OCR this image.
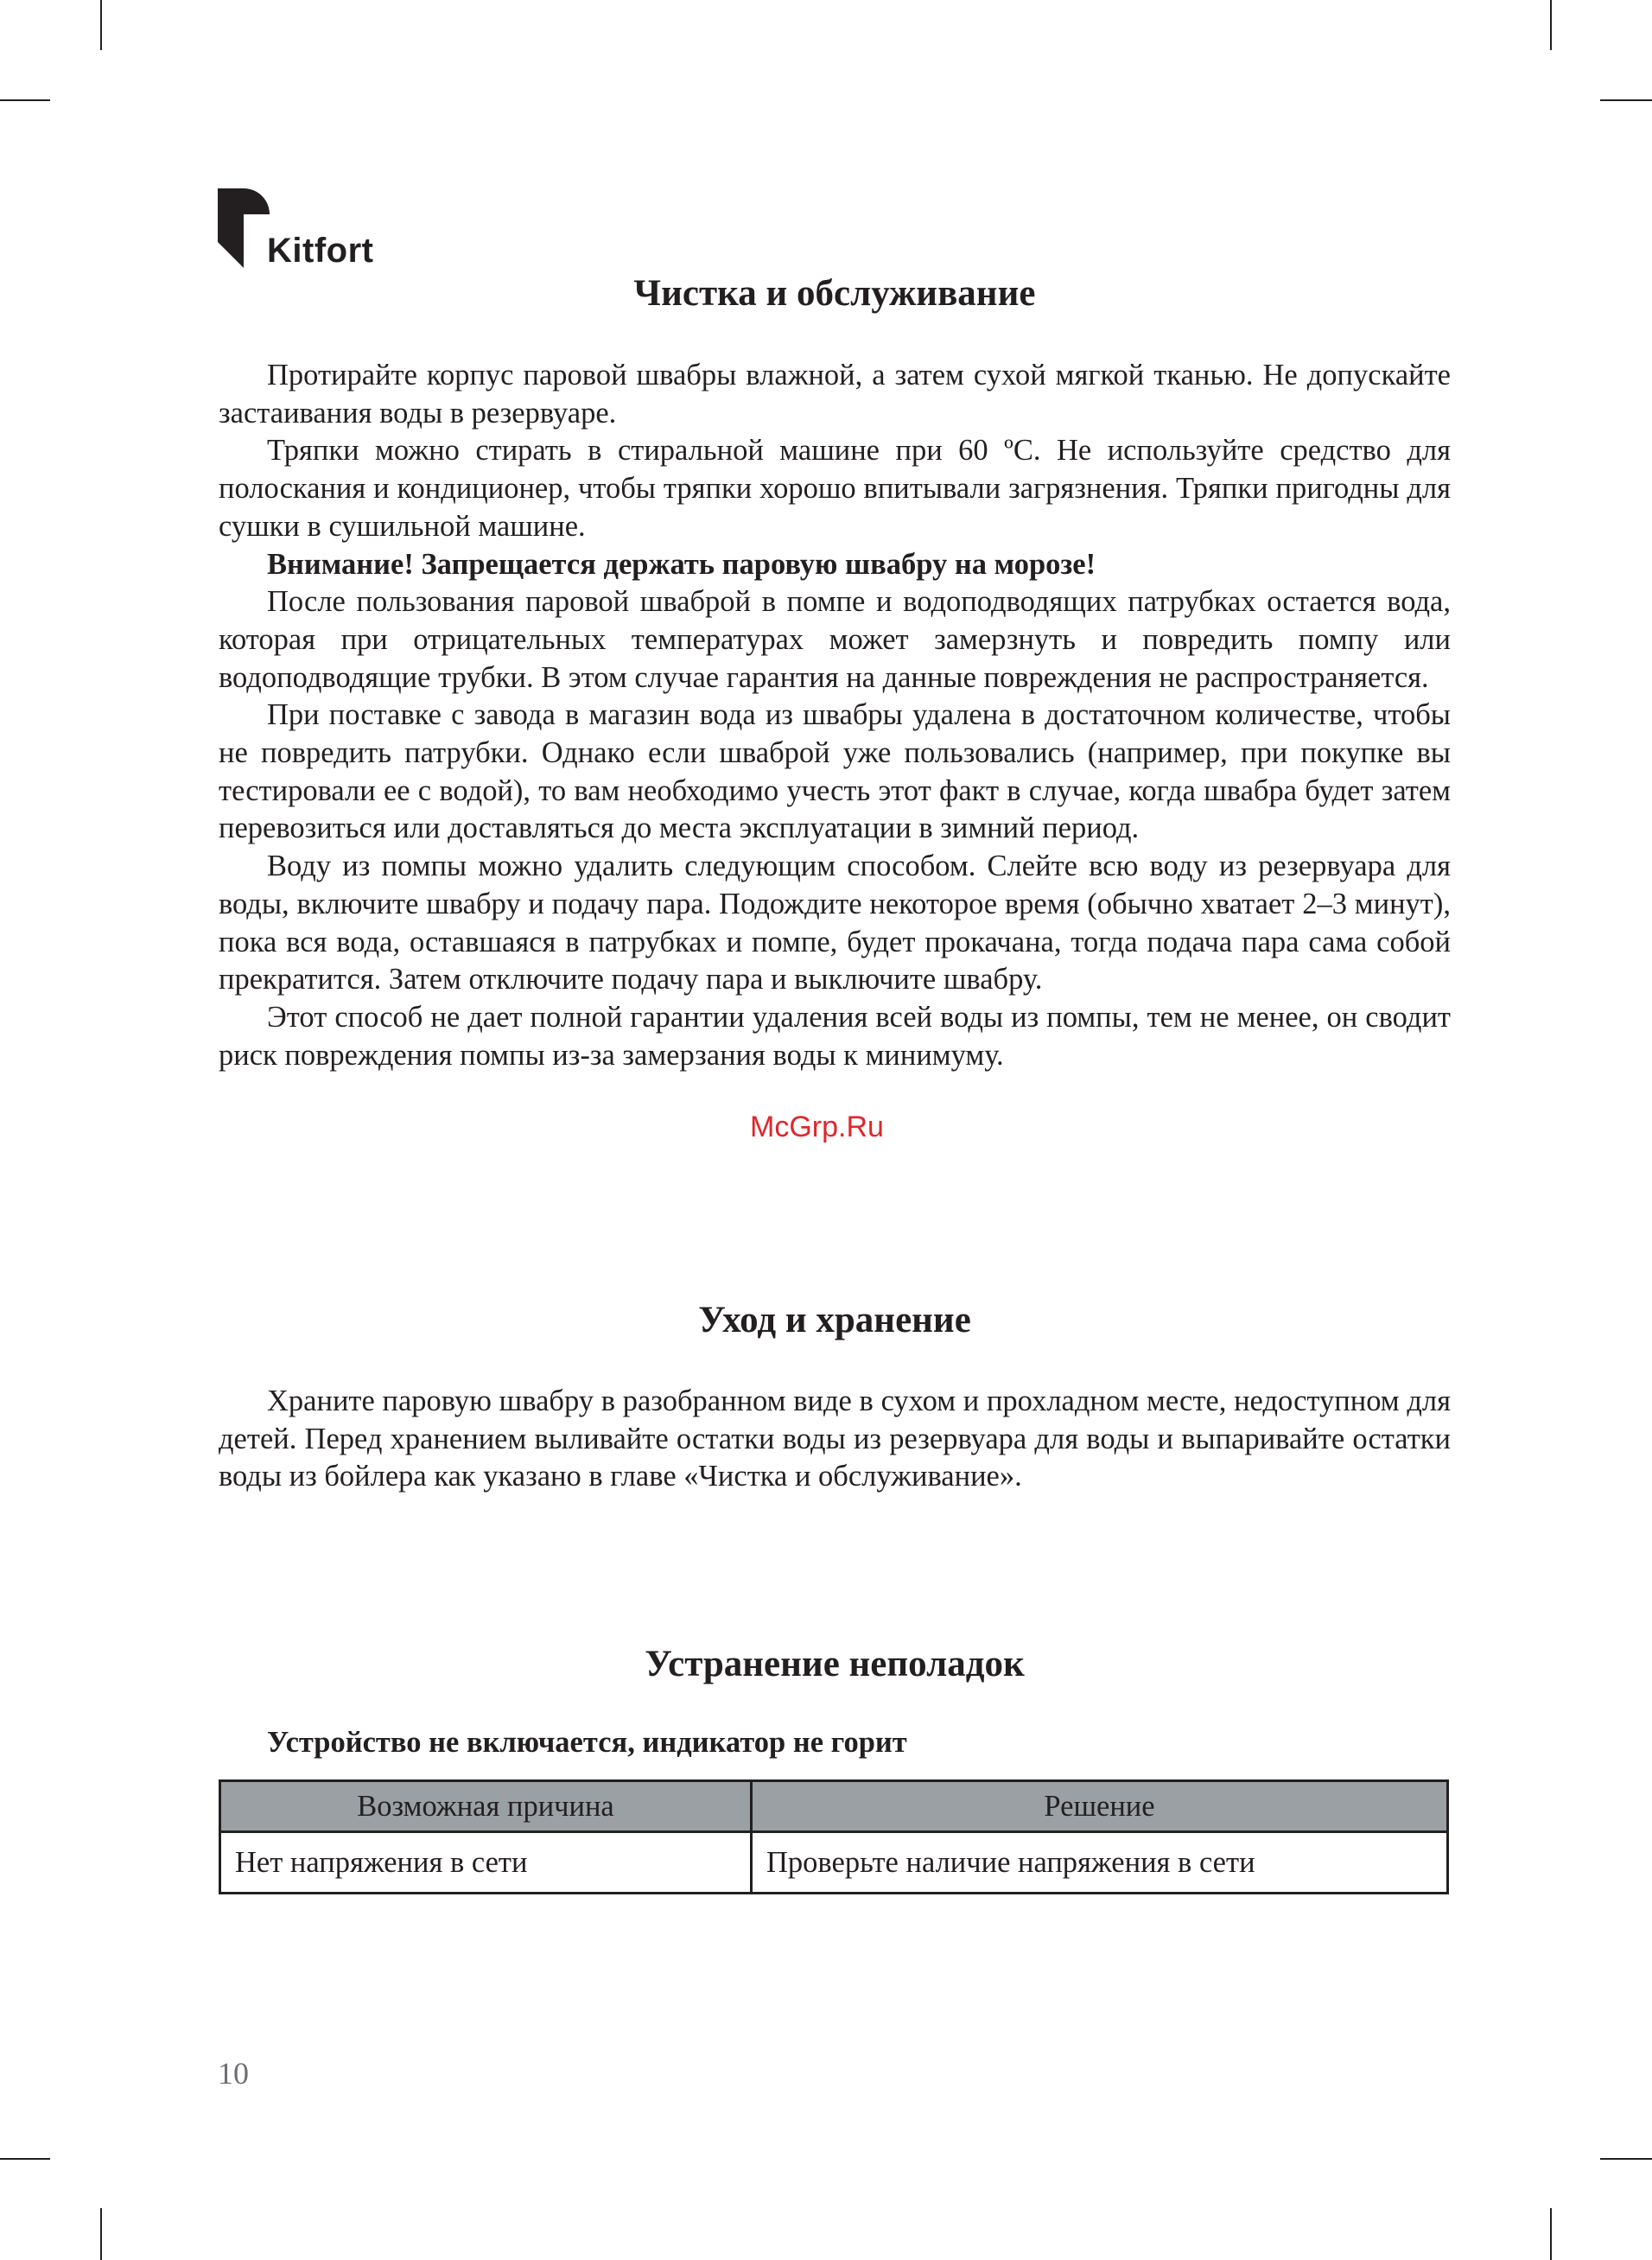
Kitfort
Чистка и обслуживание

Протирайте корпус паровой швабры влажной, а затем сухой мягкой тканью. Не допускайте застаивания воды в резервуаре.

Тряпки можно стирать в стиральной машине при 60 ºС. Не используйте средство для полоскания и кондиционер, чтобы тряпки хорошо впитывали загрязнения. Тряпки пригодны для сушки в сушильной машине.

Внимание! Запрещается держать паровую швабру на морозе!

После пользования паровой шваброй в помпе и водоподводящих патрубках остается вода, которая при отрицательных температурах может замерзнуть и повредить помпу или водоподводящие трубки. В этом случае гарантия на данные повреждения не распространяется.

При поставке с завода в магазин вода из швабры удалена в достаточном количестве, чтобы не повредить патрубки. Однако если шваброй уже пользовались (например, при покупке вы тестировали ее с водой), то вам необходимо учесть этот факт в случае, когда швабра будет затем перевозиться или доставляться до места эксплуатации в зимний период.

Воду из помпы можно удалить следующим способом. Слейте всю воду из резервуара для воды, включите швабру и подачу пара. Подождите некоторое время (обычно хватает 2–3 минут), пока вся вода, оставшаяся в патрубках и помпе, будет прокачана, тогда подача пара сама собой прекратится. Затем отключите подачу пара и выключите швабру.

Этот способ не дает полной гарантии удаления всей воды из помпы, тем не менее, он сводит риск повреждения помпы из-за замерзания воды к минимуму.

Уход и хранение

Храните паровую швабру в разобранном виде в сухом и прохладном месте, недоступном для детей. Перед хранением выливайте остатки воды из резервуара для воды и выпаривайте остатки воды из бойлера как указано в главе «Чистка и обслуживание».

Устранение неполадок
Устройство не включается, индикатор не горит
Возможная причина	Решение
Нет напряжения в сети	Проверьте наличие напряжения в сети
10
McGrp.Ru
